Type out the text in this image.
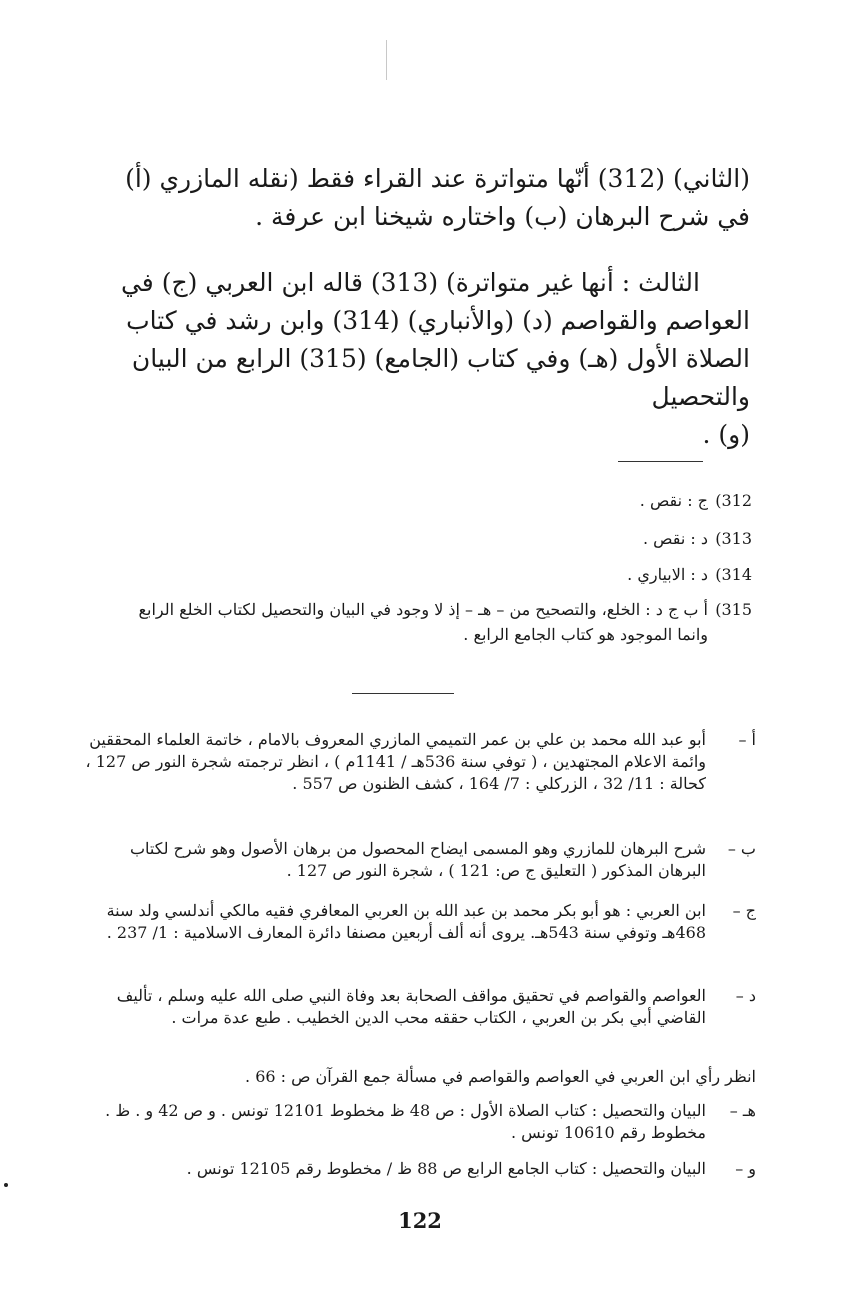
(الثاني) (312) أنّها متواترة عند القراء فقط (نقله المازري (أ)
في شرح البرهان (ب) واختاره شيخنا ابن عرفة .
الثالث : أنها غير متواترة) (313) قاله ابن العربي (ج) في
العواصم والقواصم (د) (والأنباري) (314) وابن رشد في كتاب
الصلاة الأول (هـ) وفي كتاب (الجامع) (315) الرابع من البيان والتحصيل
(و) .
312)ج : نقص .
313)د : نقص .
314)د : الابياري .
315)أ ب ج د : الخلع، والتصحيح من – هـ – إذ لا وجود في البيان والتحصيل لكتاب الخلع الرابع وانما الموجود هو كتاب الجامع الرابع .
أ –
أبو عبد الله محمد بن علي بن عمر التميمي المازري المعروف بالامام ، خاتمة العلماء المحققين وائمة الاعلام المجتهدين ، ( توفي سنة 536هـ / 1141م ) ، انظر ترجمته شجرة النور ص 127 ، كحالة : 11/ 32 ، الزركلي : 7/ 164 ، كشف الظنون ص 557 .
ب –
شرح البرهان للمازري وهو المسمى ايضاح المحصول من برهان الأصول وهو شرح لكتاب البرهان المذكور ( التعليق ج ص: 121 ) ، شجرة النور ص 127 .
ج –
ابن العربي : هو أبو بكر محمد بن عبد الله بن العربي المعافري فقيه مالكي أندلسي ولد سنة 468هـ وتوفي سنة 543هـ. يروى أنه ألف أربعين مصنفا دائرة المعارف الاسلامية : 1/ 237 .
د –
العواصم والقواصم في تحقيق مواقف الصحابة بعد وفاة النبي صلى الله عليه وسلم ، تأليف القاضي أبي بكر بن العربي ، الكتاب حققه محب الدين الخطيب . طبع عدة مرات .
انظر رأي ابن العربي في العواصم والقواصم في مسألة جمع القرآن ص : 66 .
هـ –
البيان والتحصيل : كتاب الصلاة الأول : ص 48 ظ مخطوط 12101 تونس . و ص 42 و . ظ . مخطوط رقم 10610 تونس .
و –
البيان والتحصيل : كتاب الجامع الرابع ص 88 ظ / مخطوط رقم 12105 تونس .
122
